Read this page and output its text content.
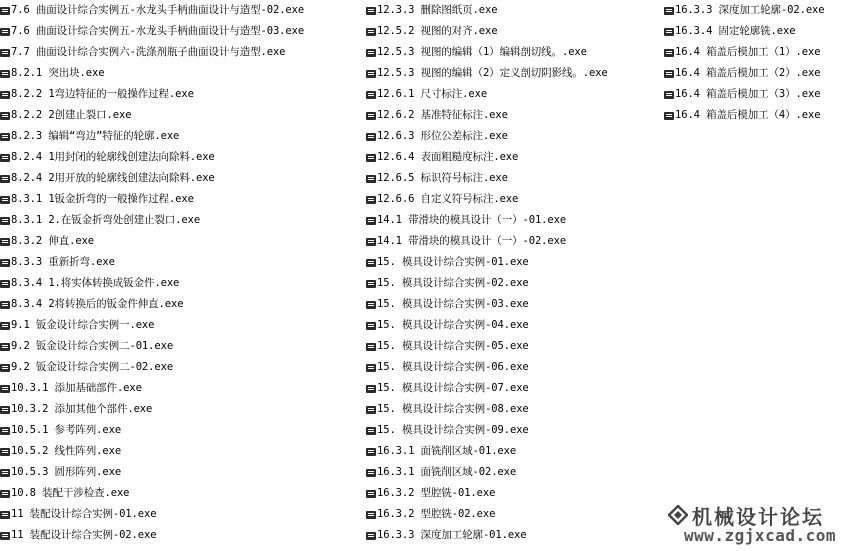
7.6 曲面设计综合实例五-水龙头手柄曲面设计与造型-02.exe
7.6 曲面设计综合实例五-水龙头手柄曲面设计与造型-03.exe
7.7 曲面设计综合实例六-洗涤剂瓶子曲面设计与造型.exe
8.2.1 突出块.exe
8.2.2 1弯边特征的一般操作过程.exe
8.2.2 2创建止裂口.exe
8.2.3 编辑“弯边”特征的轮廓.exe
8.2.4 1用封闭的轮廓线创建法向除料.exe
8.2.4 2用开放的轮廓线创建法向除料.exe
8.3.1 1钣金折弯的一般操作过程.exe
8.3.1 2.在钣金折弯处创建止裂口.exe
8.3.2 伸直.exe
8.3.3 重新折弯.exe
8.3.4 1.将实体转换成钣金件.exe
8.3.4 2将转换后的钣金件伸直.exe
9.1 钣金设计综合实例一.exe
9.2 钣金设计综合实例二-01.exe
9.2 钣金设计综合实例二-02.exe
10.3.1 添加基础部件.exe
10.3.2 添加其他个部件.exe
10.5.1 参考阵列.exe
10.5.2 线性阵列.exe
10.5.3 圆形阵列.exe
10.8 装配干涉检查.exe
11 装配设计综合实例-01.exe
11 装配设计综合实例-02.exe
12.3.3 删除图纸页.exe
12.5.2 视图的对齐.exe
12.5.3 视图的编辑（1）编辑剖切线。.exe
12.5.3 视图的编辑（2）定义剖切阴影线。.exe
12.6.1 尺寸标注.exe
12.6.2 基准特征标注.exe
12.6.3 形位公差标注.exe
12.6.4 表面粗糙度标注.exe
12.6.5 标识符号标注.exe
12.6.6 自定义符号标注.exe
14.1 带滑块的模具设计（一）-01.exe
14.1 带滑块的模具设计（一）-02.exe
15. 模具设计综合实例-01.exe
15. 模具设计综合实例-02.exe
15. 模具设计综合实例-03.exe
15. 模具设计综合实例-04.exe
15. 模具设计综合实例-05.exe
15. 模具设计综合实例-06.exe
15. 模具设计综合实例-07.exe
15. 模具设计综合实例-08.exe
15. 模具设计综合实例-09.exe
16.3.1 面铣削区域-01.exe
16.3.1 面铣削区域-02.exe
16.3.2 型腔铣-01.exe
16.3.2 型腔铣-02.exe
16.3.3 深度加工轮廓-01.exe
16.3.3 深度加工轮廓-02.exe
16.3.4 固定轮廓铣.exe
16.4 箱盖后模加工（1）.exe
16.4 箱盖后模加工（2）.exe
16.4 箱盖后模加工（3）.exe
16.4 箱盖后模加工（4）.exe
机械设计论坛
www.zgjxcad.com
